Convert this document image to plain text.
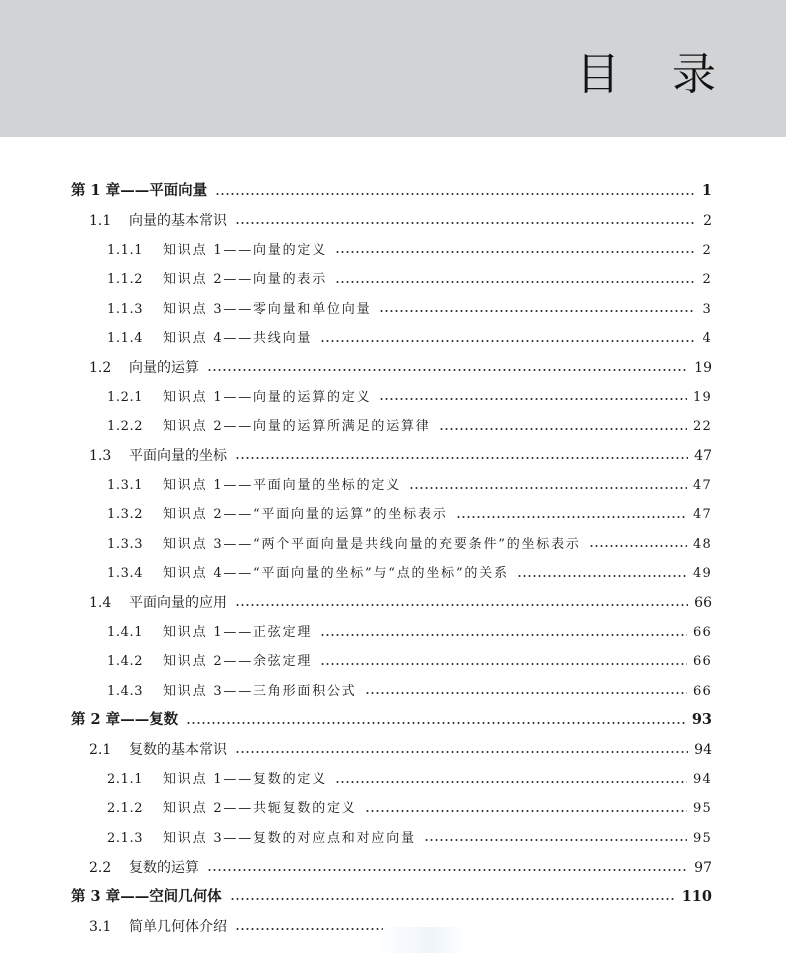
目 录
第 1 章 ——平面向量	1
1.1	向量的基本常识	2
1.1.1	知识点 1——向量的定义	2
1.1.2	知识点 2——向量的表示	2
1.1.3	知识点 3——零向量和单位向量	3
1.1.4	知识点 4——共线向量	4
1.2	向量的运算	19
1.2.1	知识点 1——向量的运算的定义	19
1.2.2	知识点 2——向量的运算所满足的运算律	22
1.3	平面向量的坐标	47
1.3.1	知识点 1——平面向量的坐标的定义	47
1.3.2	知识点 2——“平面向量的运算”的坐标表示	47
1.3.3	知识点 3——“两个平面向量是共线向量的充要条件”的坐标表示	48
1.3.4	知识点 4——“平面向量的坐标”与“点的坐标”的关系	49
1.4	平面向量的应用	66
1.4.1	知识点 1——正弦定理	66
1.4.2	知识点 2——余弦定理	66
1.4.3	知识点 3——三角形面积公式	66
第 2 章 ——复数	93
2.1	复数的基本常识	94
2.1.1	知识点 1——复数的定义	94
2.1.2	知识点 2——共轭复数的定义	95
2.1.3	知识点 3——复数的对应点和对应向量	95
2.2	复数的运算	97
第 3 章 ——空间几何体	110
3.1	简单几何体介绍
